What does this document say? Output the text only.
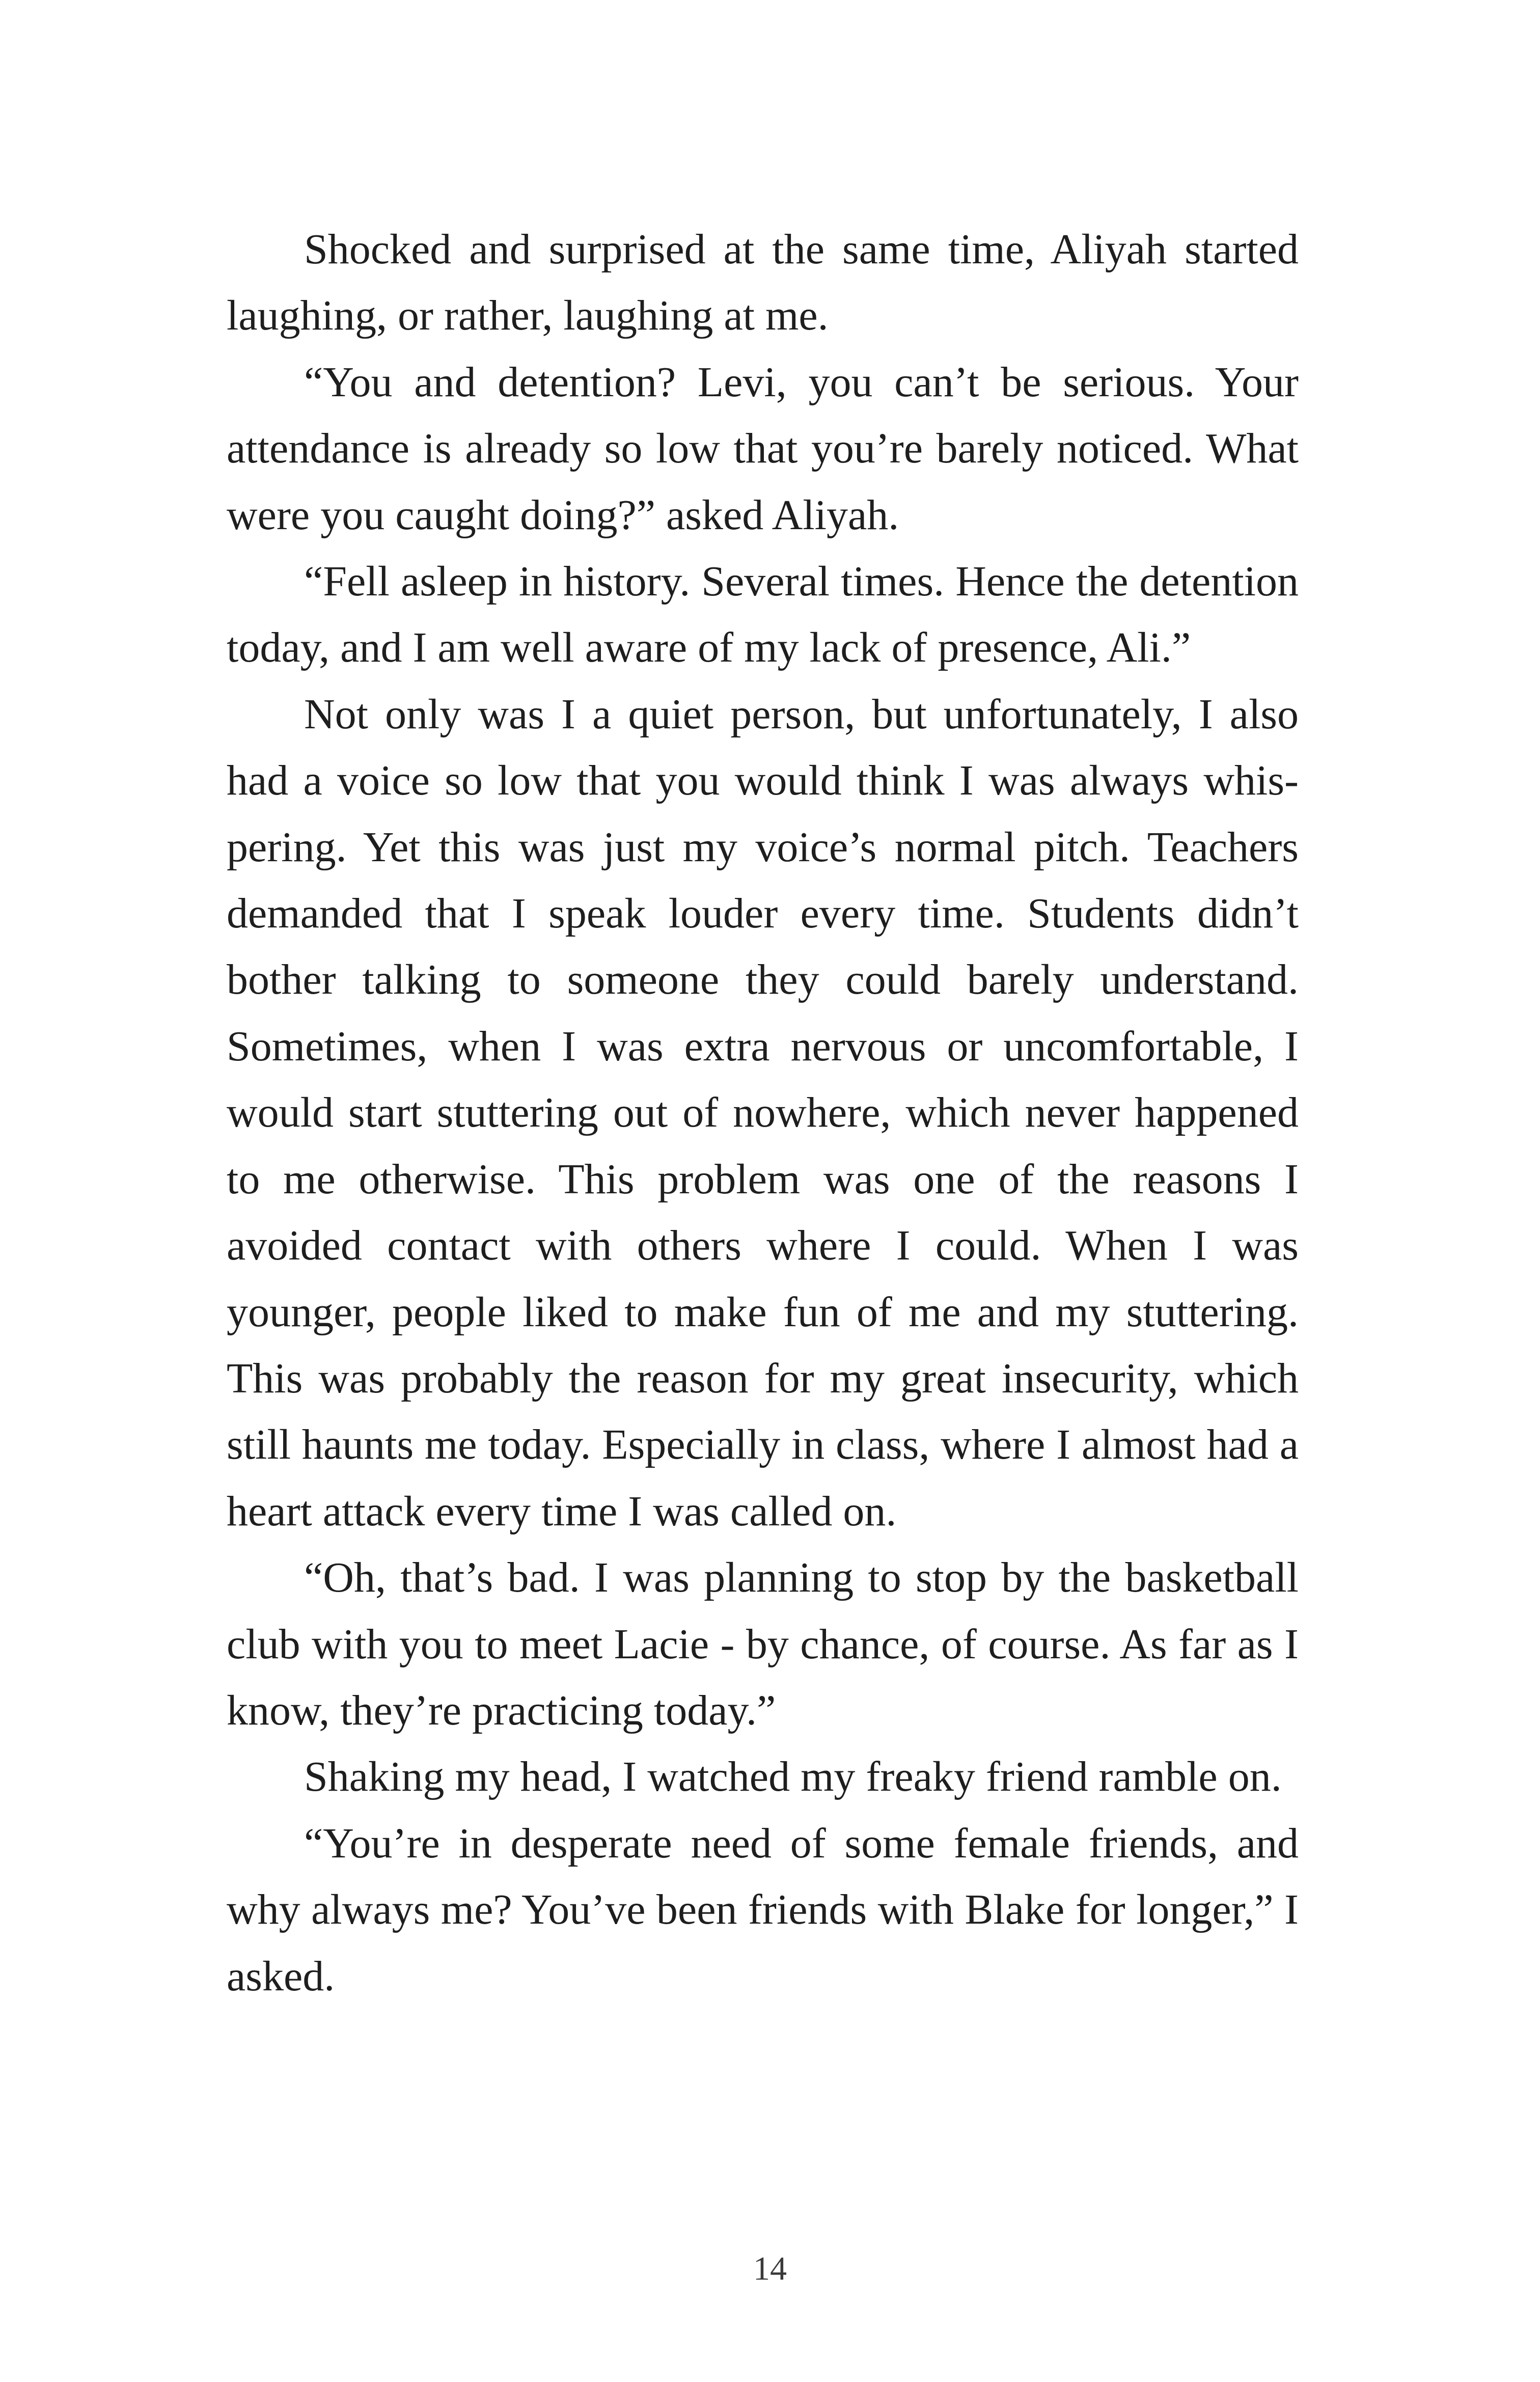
Shocked and surprised at the same time, Aliyah started laughing, or rather, laughing at me.

“You and detention? Levi, you can’t be serious. Your attendance is already so low that you’re barely noticed. What were you caught doing?” asked Aliyah.

“Fell asleep in history. Several times. Hence the detention today, and I am well aware of my lack of presence, Ali.”

Not only was I a quiet person, but unfortunately, I also had a voice so low that you would think I was always whispering. Yet this was just my voice’s normal pitch. Teachers demanded that I speak louder every time. Students didn’t bother talking to someone they could barely understand. Sometimes, when I was extra nervous or uncomfortable, I would start stuttering out of nowhere, which never happened to me otherwise. This problem was one of the reasons I avoided contact with others where I could. When I was younger, people liked to make fun of me and my stuttering. This was probably the reason for my great insecurity, which still haunts me today. Especially in class, where I almost had a heart attack every time I was called on.

“Oh, that’s bad. I was planning to stop by the basketball club with you to meet Lacie - by chance, of course. As far as I know, they’re practicing today.”

Shaking my head, I watched my freaky friend ramble on.

“You’re in desperate need of some female friends, and why always me? You’ve been friends with Blake for longer,” I asked.

14
